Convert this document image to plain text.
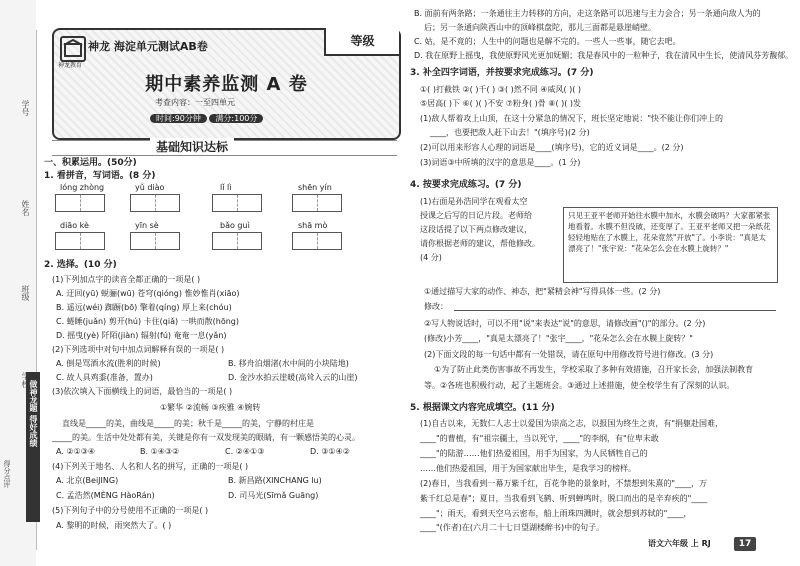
学号
姓名
班级
做神龙题 得好成绩
得分点评
等级
神龙教育
神龙 海淀单元测试AB卷
期中素养监测 A 卷
考查内容：一至四单元
时间:90分钟 满分:100分
基础知识达标
一、积累运用。(50分)
1. 看拼音，写词语。(8 分)
lóng zhòng	yǔ diào	lǐ lì	shēn yín
diāo kè	yīn sè	bǎo guì	shā mò
2. 选择。(10 分)
(1)下列加点字的读音全都正确的一项是( )
A. 迂回(yū) 蜕骊(wū) 苍穹(qióng) 惟妙惟肖(xiāo)
B. 遥远(wéi) 踟蹰(bō) 擎着(qíng) 厚上来(chóu)
C. 蜷睡(juǎn) 剪开(hú) 卡住(qiǎ) 一哄而散(hōng)
D. 摇曳(yè) 阡陌(jiàn) 辐射(fú) 奄奄一息(yǎn)
(2)下列选项中对句中加点词解释有误的一项是( )
A. 倒是骂酒水流(胜利的时候)	B. 移舟泊烟渚(水中间的小块陆地)
C. 故人具鸡黍(准备，置办)	D. 金沙水拍云崖暖(高耸入云的山崖)
(3)依次填入下面横线上的词语，最恰当的一项是( )
①繁华 ②流畅 ③疾雅 ④婉转
直线是_____的美，曲线是_____的美；秋千是_____的美，宁静的村庄是
_____的美。生活中处处都有美，关键是你有一双发现美的眼睛，有一颗感悟美的心灵。
A. ②①③④	B. ①④③②	C. ②④①③	D. ③①④②
(4)下列关于地名、人名和人名的拼写，正确的一项是( )
A. 北京(BeiJING)	B. 新昌路(XINCHANG lu)
C. 孟浩然(MÈNG HàoRán)	D. 司马光(Sīmǎ Guāng)
(5)下列句子中的分号使用不正确的一项是( )
A. 黎明的时候，雨突然大了。( )
B. 面前有两条路；一条通往主力转移的方向，走这条路可以迅速与主力会合；另一条通向敌人为的
后；另一条通向陕西山中的顶峰棋盘陀，那儿三面都是悬崖峭壁。
C. 姑，是不竟的；人生中的问题也是解不完的。一些人一些事，随它去吧。
D. 我在原野上摇曳，我使原野风光更加妩媚；我是春风中的一粒种子，我在清风中生长，使清风芬芳馥郁。
3. 补全四字词语，并按要求完成练习。(7 分)
①( )打截铁 ②( )千( ) ③( )然不同 ④威风( )( )
⑤居高( )下 ⑥( )( )不安 ⑦粉身( )骨 ⑧( )( )发
(1)敌人帮着攻上山顶，在这十分紧急的情况下，班长坚定地说："快不能让你们冲上的
____，也要把敌人赶下山去！"(填序号)(2 分)
(2)可以用来形容人心理的词语是____(填序号)，它的近义词是____。(2 分)
(3)词语③中所填的汉字的意思是____。(1 分)
4. 按要求完成练习。(7 分)
(1)右面是孙浩同学在观看太空
授课之后写的日记片段。老师给
这段话提了以下两点修改建议，
请你根据老师的建议，帮他修改。
(4 分)
只见王亚平老师开始往水膜中加水，水膜会破吗？大家都紧张地看着。水膜不但没破，还变厚了。王亚平老师又把一朵纸花轻轻地贴在了水膜上，花朵竟然"开放"了。小李说："真是太漂亮了！"张宇说："花朵怎么会在水膜上旋转？"
①通过描写大家的动作、神态，把"紧精会神"写得具体一些。(2 分)
修改：
②写人物说话时，可以不用"说"来表达"说"的意思，请修改画"()"的部分。(2 分)
(修改)小芳____，"真是太漂亮了！"张宇____，"花朵怎么会在水膜上旋转？"
(2)下面文段的每一句话中都有一处错误，请在原句中用修改符号进行修改。(3 分)
①为了防止此类伤害事故不再发生，学校采取了多种有效措施，召开家长会，加强法制教育
等。②各班也积极行动，起了主题班会。③通过上述措施，使全校学生有了深刻的认识。
5. 根据课文内容完成填空。(11 分)
(1)自古以来，无数仁人志士以爱国为崇高之志，以报国为终生之责，有"捐躯赴国难，
____"的曹植，有"祖宗疆土，当以死守，____"的李纲，有"位卑未敢
____"的陆游……他们热爱祖国，用手为国家，为人民牺牲自己的
……他们热爱祖国，用于为国家献出毕生，是我学习的榜样。
(2)春日，当我看到一幕万紫千红，百花争艳的景象时，不禁想到朱熹的"____，万
紫千红总是春"；夏日，当我看到飞鹤、听到蝉鸣时，脱口而出的是辛弃疾的"____
____"；雨天，看到天空乌云密布，船上雨珠四溅时，就会想到苏轼的"____，
____"(作者)在(六月二十七日望湖楼醉书)中的句子。
语文六年级 上 RJ	17
